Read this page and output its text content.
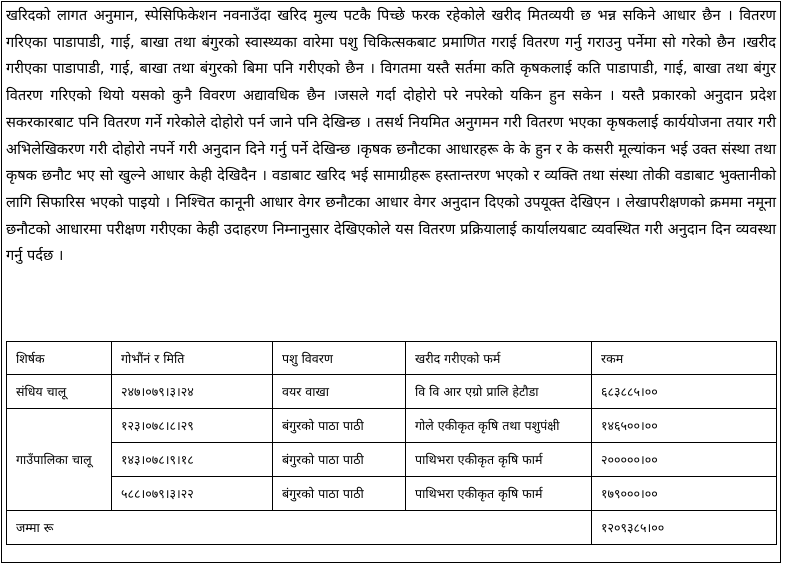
खरिदको लागत अनुमान, स्पेसिफिकेशन नवनाउँदा खरिद मुल्य पटकै पिच्छे फरक रहेकोले खरीद मितव्ययी छ भन्न सकिने आधार छैन । वितरण गरिएका पाडापाडी, गाई, बाखा तथा बंगुरको स्वास्थ्यका वारेमा पशु चिकित्सकबाट प्रमाणित गराई वितरण गर्नु गराउनु पर्नेमा सो गरेको छैन ।खरीद गरीएका पाडापाडी, गाई, बाखा तथा बंगुरको बिमा पनि गरीएको छैन । विगतमा यस्तै सर्तमा कति कृषकलाई कति पाडापाडी, गाई, बाखा तथा बंगुर वितरण गरिएको थियो यसको कुनै विवरण अद्यावधिक छैन ।जसले गर्दा दोहोरो परे नपरेको यकिन हुन सकेन । यस्तै प्रकारको अनुदान प्रदेश सकरकारबाट पनि वितरण गर्ने गरेकोले दोहोरो पर्न जाने पनि देखिन्छ । तसर्थ नियमित अनुगमन गरी वितरण भएका कृषकलाई कार्ययोजना तयार गरी अभिलेखिकरण गरी दोहोरो नपर्ने गरी अनुदान दिने गर्नु पर्ने देखिन्छ ।कृषक छनौटका आधारहरू के के हुन र के कसरी मूल्यांकन भई उक्त संस्था तथा कृषक छनौट भए सो खुल्ने आधार केही देखिदैन । वडाबाट खरिद भई सामाग्रीहरू हस्तान्तरण भएको र व्यक्ति तथा संस्था तोकी वडाबाट भुक्तानीको लागि सिफारिस भएको पाइयो । निश्चित कानूनी आधार वेगर छनौटका आधार वेगर अनुदान दिएको उपयूक्त देखिएन । लेखापरीक्षणको क्रममा नमूना छनौटको आधारमा परीक्षण गरीएका केही उदाहरण निम्नानुसार देखिएकोले यस वितरण प्रक्रियालाई कार्यालयबाट व्यवस्थित गरी अनुदान दिन व्यवस्था गर्नु पर्दछ ।

शिर्षक	गोभौंनं र मिति	पशु विवरण	खरीद गरीएको फर्म	रकम
संधिय चालू	२४७।०७९।३।२४	वयर वाखा	वि वि आर एग्रो प्रालि हेटौडा	६८३८८५।००
गाउँपालिका चालू	१२३।०७८।८।२९	बंगुरको पाठा पाठी	गोले एकीकृत कृषि तथा पशुपंक्षी	१४६५००।००
	१४३।०७८।९।१८	बंगुरको पाठा पाठी	पाथिभरा एकीकृत कृषि फार्म	२०००००।००
	५८८।०७९।३।२२	बंगुरको पाठा पाठी	पाथिभरा एकीकृत कृषि फार्म	१७९०००।००
जम्मा रू				१२०९३८५।००
